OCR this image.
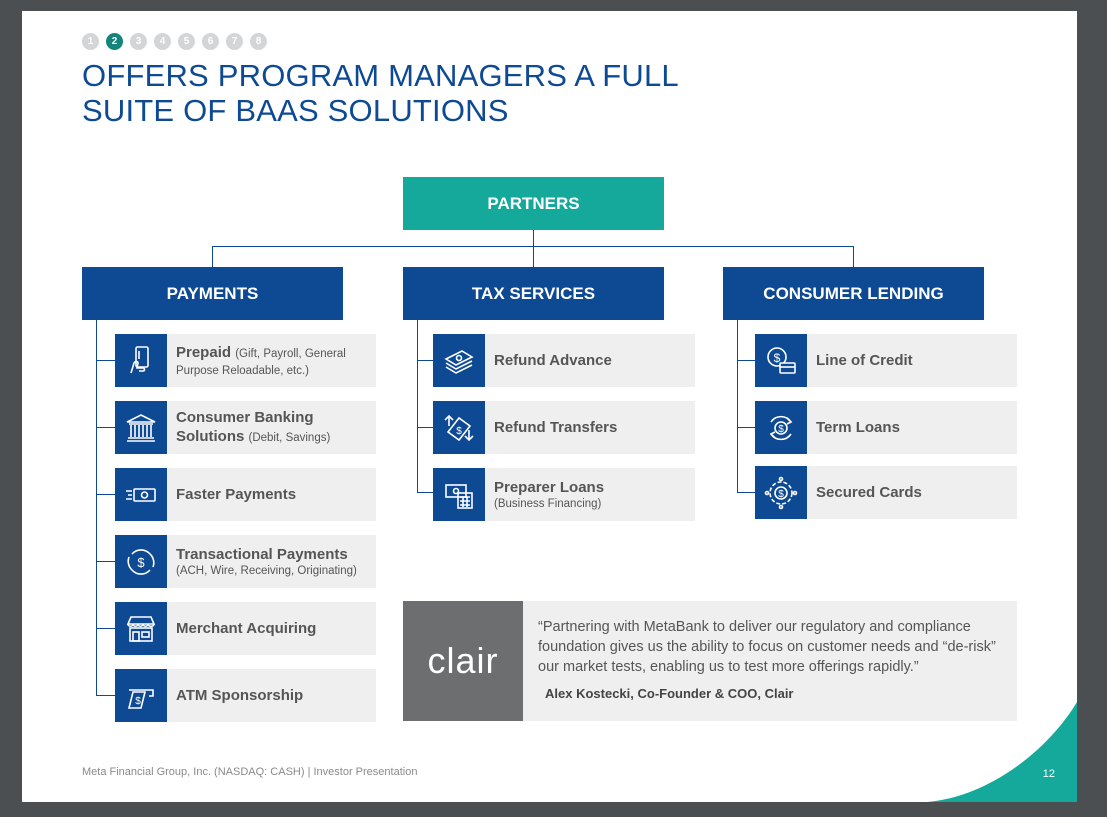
1	2	3	4	5	6	7	8
OFFERS PROGRAM MANAGERS A FULL
SUITE OF BAAS SOLUTIONS
PARTNERS
PAYMENTS	TAX SERVICES	CONSUMER LENDING
Prepaid (Gift, Payroll, General
Purpose Reloadable, etc.)
Consumer Banking
Solutions (Debit, Savings)
Faster Payments
$ Transactional Payments
(ACH, Wire, Receiving, Originating)
Merchant Acquiring
$ ATM Sponsorship
Refund Advance
$ Refund Transfers
Preparer Loans
(Business Financing)
$ Line of Credit
$ Term Loans
$ Secured Cards
clair
“Partnering with MetaBank to deliver our regulatory and compliance foundation gives us the ability to focus on customer needs and “de-risk” our market tests, enabling us to test more offerings rapidly.”
Alex Kostecki, Co-Founder & COO, Clair
Meta Financial Group, Inc. (NASDAQ: CASH) | Investor Presentation	12
